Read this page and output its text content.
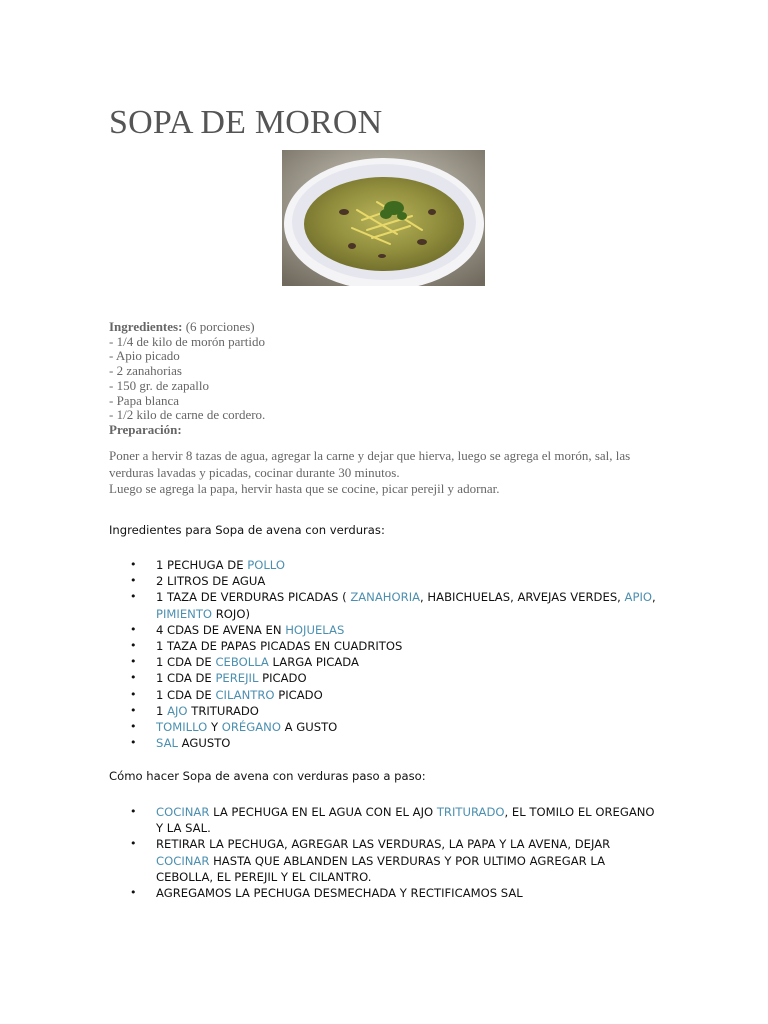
SOPA DE MORON
Ingredientes: (6 porciones)
- 1/4 de kilo de morón partido
- Apio picado
- 2 zanahorias
- 150 gr. de zapallo
- Papa blanca
- 1/2 kilo de carne de cordero.
Preparación:
Poner a hervir 8 tazas de agua, agregar la carne y dejar que hierva, luego se agrega el morón, sal, las verduras lavadas y picadas, cocinar durante 30 minutos.
Luego se agrega la papa, hervir hasta que se cocine, picar perejil y adornar.
Ingredientes para Sopa de avena con verduras:
• 1 PECHUGA DE POLLO
• 2 LITROS DE AGUA
• 1 TAZA DE VERDURAS PICADAS ( ZANAHORIA, HABICHUELAS, ARVEJAS VERDES, APIO,
PIMIENTO ROJO)
• 4 CDAS DE AVENA EN HOJUELAS
• 1 TAZA DE PAPAS PICADAS EN CUADRITOS
• 1 CDA DE CEBOLLA LARGA PICADA
• 1 CDA DE PEREJIL PICADO
• 1 CDA DE CILANTRO PICADO
• 1 AJO TRITURADO
• TOMILLO Y ORÉGANO A GUSTO
• SAL AGUSTO
Cómo hacer Sopa de avena con verduras paso a paso:
• COCINAR LA PECHUGA EN EL AGUA CON EL AJO TRITURADO, EL TOMILO EL OREGANO
Y LA SAL.
• RETIRAR LA PECHUGA, AGREGAR LAS VERDURAS, LA PAPA Y LA AVENA, DEJAR
COCINAR HASTA QUE ABLANDEN LAS VERDURAS Y POR ULTIMO AGREGAR LA
CEBOLLA, EL PEREJIL Y EL CILANTRO.
• AGREGAMOS LA PECHUGA DESMECHADA Y RECTIFICAMOS SAL
